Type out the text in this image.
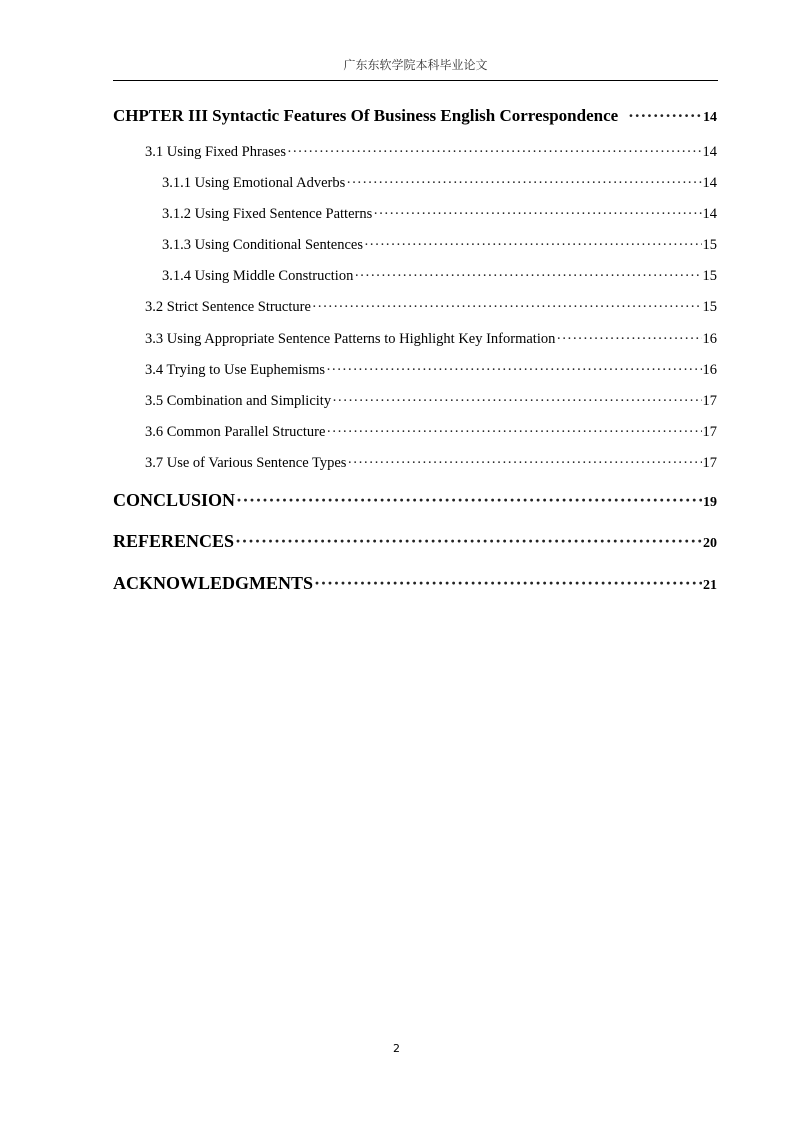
广东东软学院本科毕业论文
CHPTER III Syntactic Features Of Business English Correspondence ·····	14
3.1 Using Fixed Phrases ·····	14
3.1.1 Using Emotional Adverbs ·····	14
3.1.2 Using Fixed Sentence Patterns ·····	14
3.1.3 Using Conditional Sentences ·····	15
3.1.4 Using Middle Construction ·····	15
3.2 Strict Sentence Structure ·····	15
3.3 Using Appropriate Sentence Patterns to Highlight Key Information ·····	16
3.4 Trying to Use Euphemisms ·····	16
3.5 Combination and Simplicity ·····	17
3.6 Common Parallel Structure ·····	17
3.7 Use of Various Sentence Types ·····	17
CONCLUSION ·····	19
REFERENCES ·····	20
ACKNOWLEDGMENTS ·····	21
2
